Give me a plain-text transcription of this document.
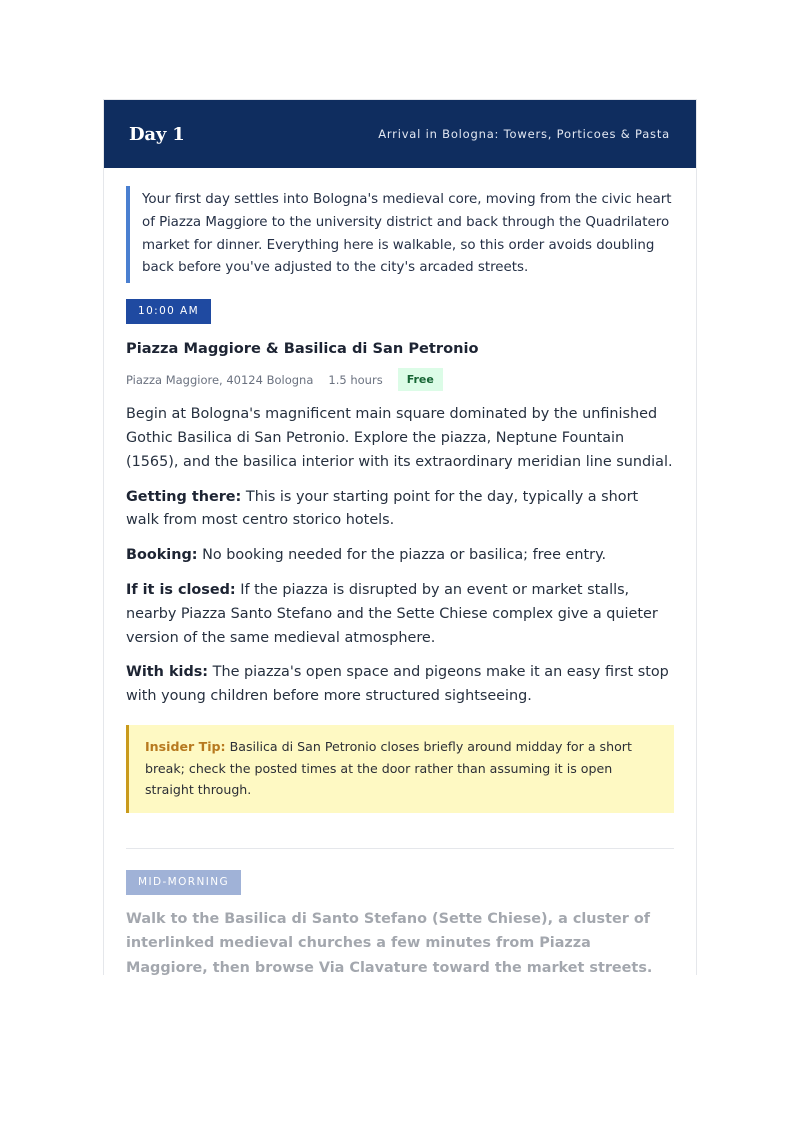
Day 1	Arrival in Bologna: Towers, Porticoes & Pasta
Your first day settles into Bologna's medieval core, moving from the civic heart of Piazza Maggiore to the university district and back through the Quadrilatero market for dinner. Everything here is walkable, so this order avoids doubling back before you've adjusted to the city's arcaded streets.
10:00 AM
Piazza Maggiore & Basilica di San Petronio
Piazza Maggiore, 40124 Bologna 1.5 hours	Free
Begin at Bologna's magnificent main square dominated by the unfinished Gothic Basilica di San Petronio. Explore the piazza, Neptune Fountain (1565), and the basilica interior with its extraordinary meridian line sundial.
Getting there: This is your starting point for the day, typically a short walk from most centro storico hotels.
Booking: No booking needed for the piazza or basilica; free entry.
If it is closed: If the piazza is disrupted by an event or market stalls, nearby Piazza Santo Stefano and the Sette Chiese complex give a quieter version of the same medieval atmosphere.
With kids: The piazza's open space and pigeons make it an easy first stop with young children before more structured sightseeing.
Insider Tip: Basilica di San Petronio closes briefly around midday for a short break; check the posted times at the door rather than assuming it is open straight through.
MID-MORNING
Walk to the Basilica di Santo Stefano (Sette Chiese), a cluster of interlinked medieval churches a few minutes from Piazza Maggiore, then browse Via Clavature toward the market streets.
